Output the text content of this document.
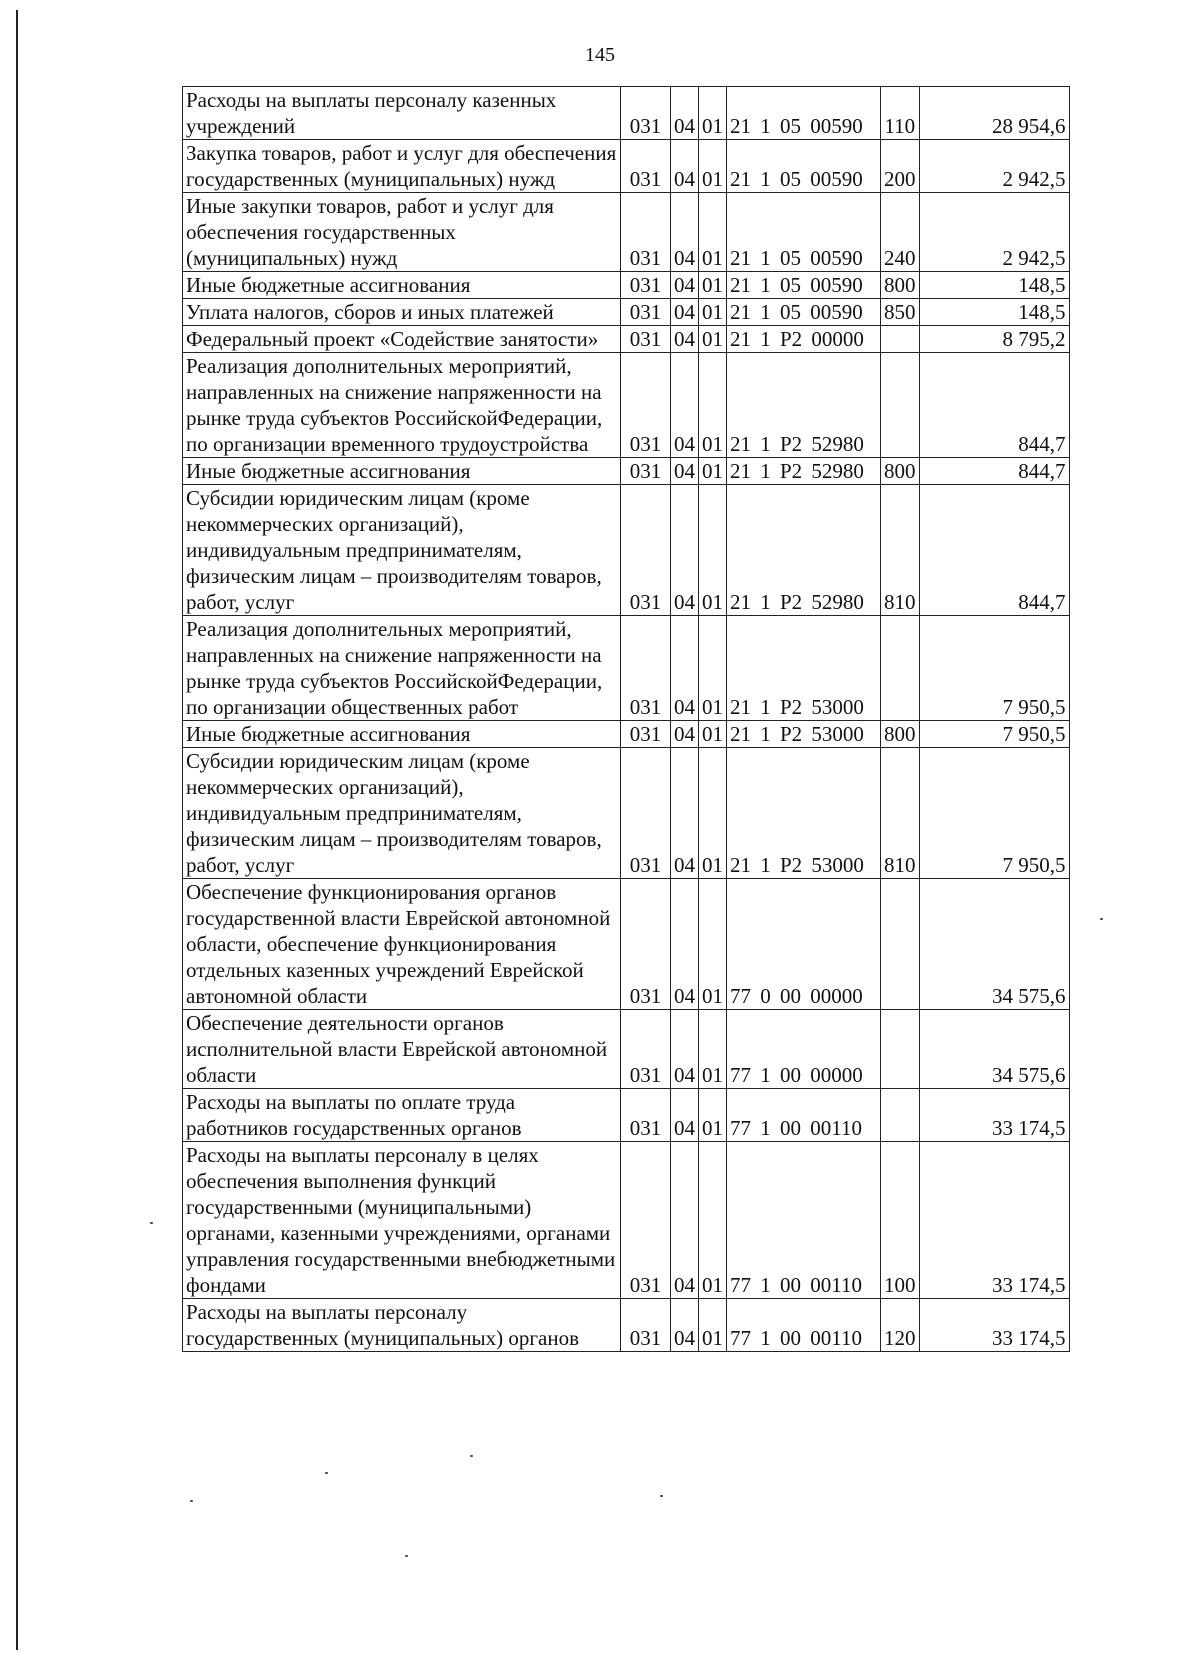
145
Расходы на выплаты персоналу казенных учреждений	031	04	01	21 1 05 00590	110	28 954,6
Закупка товаров, работ и услуг для обеспечения государственных (муниципальных) нужд	031	04	01	21 1 05 00590	200	2 942,5
Иные закупки товаров, работ и услуг для обеспечения государственных (муниципальных) нужд	031	04	01	21 1 05 00590	240	2 942,5
Иные бюджетные ассигнования	031	04	01	21 1 05 00590	800	148,5
Уплата налогов, сборов и иных платежей	031	04	01	21 1 05 00590	850	148,5
Федеральный проект «Содействие занятости»	031	04	01	21 1 P2 00000		8 795,2
Реализация дополнительных мероприятий, направленных на снижение напряженности на рынке труда субъектов РоссийскойФедерации, по организации временного трудоустройства	031	04	01	21 1 P2 52980		844,7
Иные бюджетные ассигнования	031	04	01	21 1 P2 52980	800	844,7
Субсидии юридическим лицам (кроме некоммерческих организаций), индивидуальным предпринимателям, физическим лицам – производителям товаров, работ, услуг	031	04	01	21 1 P2 52980	810	844,7
Реализация дополнительных мероприятий, направленных на снижение напряженности на рынке труда субъектов РоссийскойФедерации, по организации общественных работ	031	04	01	21 1 P2 53000		7 950,5
Иные бюджетные ассигнования	031	04	01	21 1 P2 53000	800	7 950,5
Субсидии юридическим лицам (кроме некоммерческих организаций), индивидуальным предпринимателям, физическим лицам – производителям товаров, работ, услуг	031	04	01	21 1 P2 53000	810	7 950,5
Обеспечение функционирования органов государственной власти Еврейской автономной области, обеспечение функционирования отдельных казенных учреждений Еврейской автономной области	031	04	01	77 0 00 00000		34 575,6
Обеспечение деятельности органов исполнительной власти Еврейской автономной области	031	04	01	77 1 00 00000		34 575,6
Расходы на выплаты по оплате труда работников государственных органов	031	04	01	77 1 00 00110		33 174,5
Расходы на выплаты персоналу в целях обеспечения выполнения функций государственными (муниципальными) органами, казенными учреждениями, органами управления государственными внебюджетными фондами	031	04	01	77 1 00 00110	100	33 174,5
Расходы на выплаты персоналу государственных (муниципальных) органов	031	04	01	77 1 00 00110	120	33 174,5
